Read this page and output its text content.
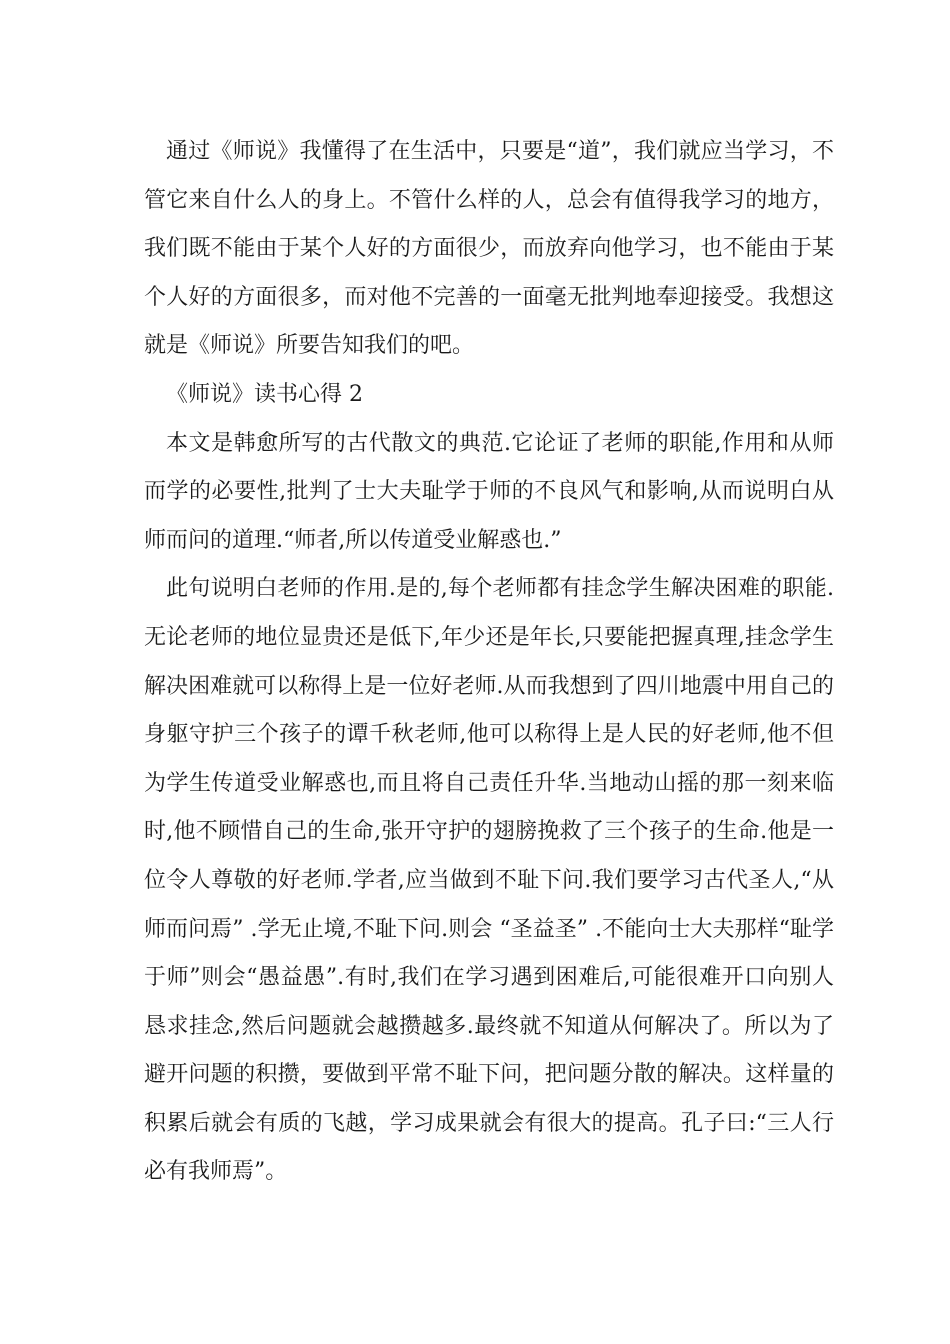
通过《师说》我懂得了在生活中，只要是“道”，我们就应当学习，不管它来自什么人的身上。不管什么样的人，总会有值得我学习的地方，我们既不能由于某个人好的方面很少，而放弃向他学习，也不能由于某个人好的方面很多，而对他不完善的一面毫无批判地奉迎接受。我想这就是《师说》所要告知我们的吧。

《师说》读书心得 2

本文是韩愈所写的古代散文的典范.它论证了老师的职能,作用和从师而学的必要性,批判了士大夫耻学于师的不良风气和影响,从而说明白从师而问的道理.“师者,所以传道受业解惑也.”

此句说明白老师的作用.是的,每个老师都有挂念学生解决困难的职能.无论老师的地位显贵还是低下,年少还是年长,只要能把握真理,挂念学生解决困难就可以称得上是一位好老师.从而我想到了四川地震中用自己的身躯守护三个孩子的谭千秋老师,他可以称得上是人民的好老师,他不但为学生传道受业解惑也,而且将自己责任升华.当地动山摇的那一刻来临时,他不顾惜自己的生命,张开守护的翅膀挽救了三个孩子的生命.他是一位令人尊敬的好老师.学者,应当做到不耻下问.我们要学习古代圣人,“从师而问焉” .学无止境,不耻下问.则会 “圣益圣” .不能向士大夫那样“耻学于师”则会“愚益愚”.有时,我们在学习遇到困难后,可能很难开口向别人恳求挂念,然后问题就会越攒越多.最终就不知道从何解决了。所以为了避开问题的积攒，要做到平常不耻下问，把问题分散的解决。这样量的积累后就会有质的飞越，学习成果就会有很大的提高。孔子曰:“三人行必有我师焉”。
